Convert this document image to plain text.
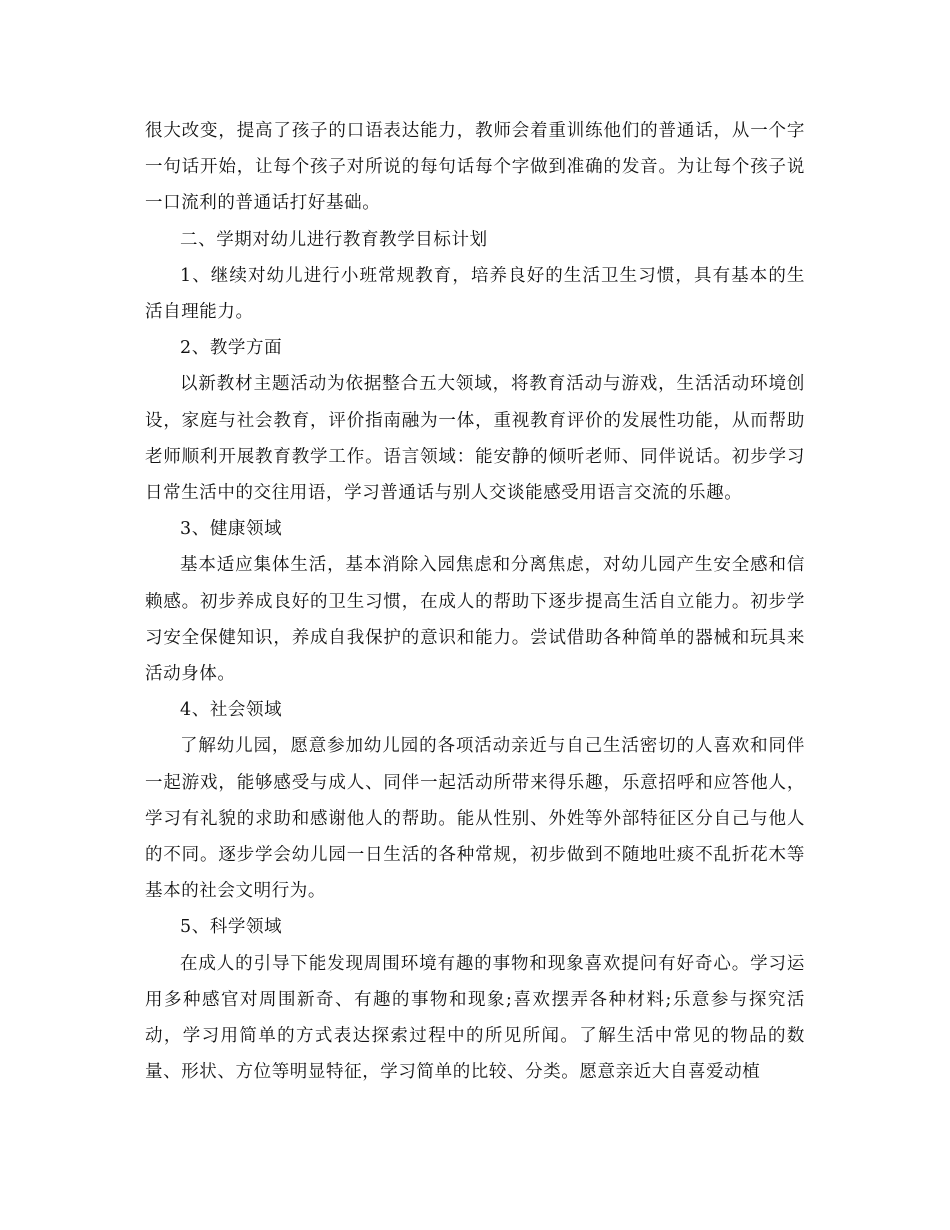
很大改变，提高了孩子的口语表达能力，教师会着重训练他们的普通话，从一个字一句话开始，让每个孩子对所说的每句话每个字做到准确的发音。为让每个孩子说一口流利的普通话打好基础。

二、学期对幼儿进行教育教学目标计划

1、继续对幼儿进行小班常规教育，培养良好的生活卫生习惯，具有基本的生活自理能力。

2、教学方面

以新教材主题活动为依据整合五大领域，将教育活动与游戏，生活活动环境创设，家庭与社会教育，评价指南融为一体，重视教育评价的发展性功能，从而帮助老师顺利开展教育教学工作。语言领域：能安静的倾听老师、同伴说话。初步学习日常生活中的交往用语，学习普通话与别人交谈能感受用语言交流的乐趣。

3、健康领域

基本适应集体生活，基本消除入园焦虑和分离焦虑，对幼儿园产生安全感和信赖感。初步养成良好的卫生习惯，在成人的帮助下逐步提高生活自立能力。初步学习安全保健知识，养成自我保护的意识和能力。尝试借助各种简单的器械和玩具来活动身体。

4、社会领域

了解幼儿园，愿意参加幼儿园的各项活动亲近与自己生活密切的人喜欢和同伴一起游戏，能够感受与成人、同伴一起活动所带来得乐趣，乐意招呼和应答他人，学习有礼貌的求助和感谢他人的帮助。能从性别、外姓等外部特征区分自己与他人的不同。逐步学会幼儿园一日生活的各种常规，初步做到不随地吐痰不乱折花木等基本的社会文明行为。

5、科学领域

在成人的引导下能发现周围环境有趣的事物和现象喜欢提问有好奇心。学习运用多种感官对周围新奇、有趣的事物和现象;喜欢摆弄各种材料;乐意参与探究活动，学习用简单的方式表达探索过程中的所见所闻。了解生活中常见的物品的数量、形状、方位等明显特征，学习简单的比较、分类。愿意亲近大自喜爱动植
